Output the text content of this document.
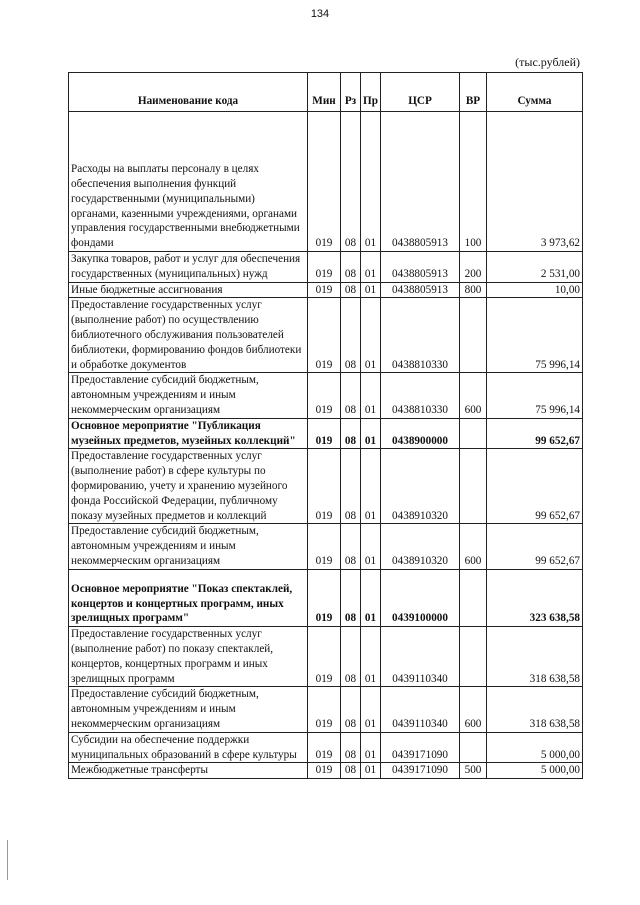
134
(тыс.рублей)
Наименование кода	Мин	Рз	Пр	ЦСР	ВР	Сумма
Расходы на выплаты персоналу в целях обеспечения выполнения функций государственными (муниципальными) органами, казенными учреждениями, органами управления государственными внебюджетными фондами	019	08	01	0438805913	100	3 973,62
Закупка товаров, работ и услуг для обеспечения государственных (муниципальных) нужд	019	08	01	0438805913	200	2 531,00
Иные бюджетные ассигнования	019	08	01	0438805913	800	10,00
Предоставление государственных услуг (выполнение работ) по осуществлению библиотечного обслуживания пользователей библиотеки, формированию фондов библиотеки и обработке документов	019	08	01	0438810330		75 996,14
Предоставление субсидий бюджетным, автономным учреждениям и иным некоммерческим организациям	019	08	01	0438810330	600	75 996,14
Основное мероприятие "Публикация музейных предметов, музейных коллекций"	019	08	01	0438900000		99 652,67
Предоставление государственных услуг (выполнение работ) в сфере культуры по формированию, учету и хранению музейного фонда Российской Федерации, публичному показу музейных предметов и коллекций	019	08	01	0438910320		99 652,67
Предоставление субсидий бюджетным, автономным учреждениям и иным некоммерческим организациям	019	08	01	0438910320	600	99 652,67
Основное мероприятие "Показ спектаклей, концертов и концертных программ, иных зрелищных программ"	019	08	01	0439100000		323 638,58
Предоставление государственных услуг (выполнение работ) по показу спектаклей, концертов, концертных программ и иных зрелищных программ	019	08	01	0439110340		318 638,58
Предоставление субсидий бюджетным, автономным учреждениям и иным некоммерческим организациям	019	08	01	0439110340	600	318 638,58
Субсидии на обеспечение поддержки муниципальных образований в сфере культуры	019	08	01	0439171090		5 000,00
Межбюджетные трансферты	019	08	01	0439171090	500	5 000,00
